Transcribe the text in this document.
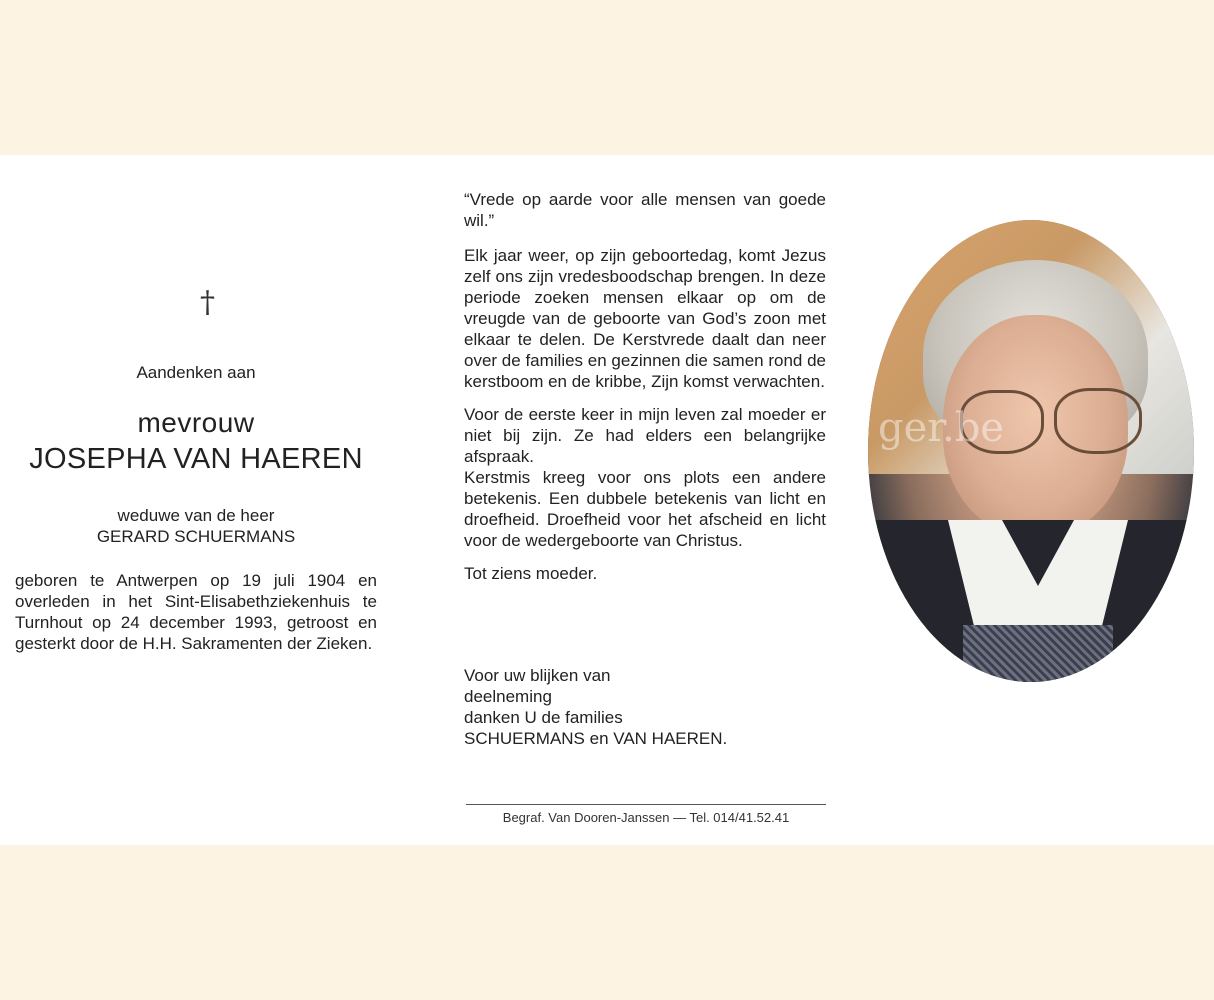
†
Aandenken aan
mevrouw
JOSEPHA VAN HAEREN
weduwe van de heer
GERARD SCHUERMANS
geboren te Antwerpen op 19 juli 1904 en overleden in het Sint-Elisabethziekenhuis te Turnhout op 24 december 1993, getroost en gesterkt door de H.H. Sakramenten der Zieken.

“Vrede op aarde voor alle mensen van goede wil.”

Elk jaar weer, op zijn geboortedag, komt Jezus zelf ons zijn vredesboodschap brengen. In deze periode zoeken mensen elkaar op om de vreugde van de geboorte van God’s zoon met elkaar te delen. De Kerstvrede daalt dan neer over de families en gezinnen die samen rond de kerstboom en de kribbe, Zijn komst verwachten.

Voor de eerste keer in mijn leven zal moeder er niet bij zijn. Ze had elders een belangrijke afspraak.

Kerstmis kreeg voor ons plots een andere betekenis. Een dubbele betekenis van licht en droefheid. Droefheid voor het afscheid en licht voor de wedergeboorte van Christus.

Tot ziens moeder.

Voor uw blijken van
deelneming
danken U de families
SCHUERMANS en VAN HAEREN.
Begraf. Van Dooren-Janssen — Tel. 014/41.52.41
ger.be
